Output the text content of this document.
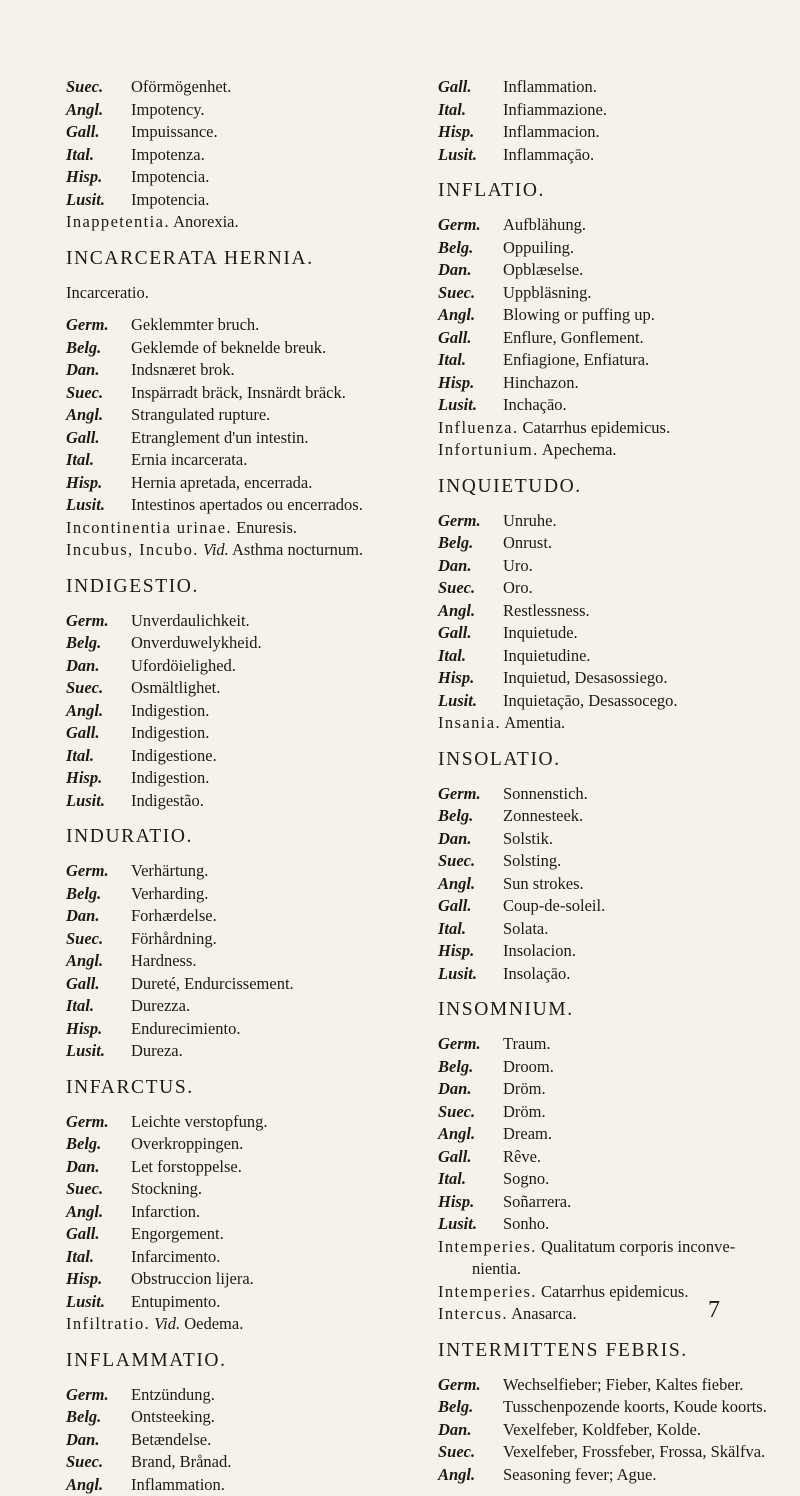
Suec.	Oförmögenhet.
Angl.	Impotency.
Gall.	Impuissance.
Ital.	Impotenza.
Hisp.	Impotencia.
Lusit.	Impotencia.
Inappetentia. Anorexia.
INCARCERATA HERNIA.
Incarceratio.
Germ.	Geklemmter bruch.
Belg.	Geklemde of beknelde breuk.
Dan.	Indsnæret brok.
Suec.	Inspärradt bräck, Insnärdt bräck.
Angl.	Strangulated rupture.
Gall.	Etranglement d'un intestin.
Ital.	Ernia incarcerata.
Hisp.	Hernia apretada, encerrada.
Lusit.	Intestinos apertados ou encerrados.
Incontinentia urinae. Enuresis.
Incubus, Incubo. Vid. Asthma nocturnum.
INDIGESTIO.
Germ.	Unverdaulichkeit.
Belg.	Onverduwelykheid.
Dan.	Ufordöielighed.
Suec.	Osmältlighet.
Angl.	Indigestion.
Gall.	Indigestion.
Ital.	Indigestione.
Hisp.	Indigestion.
Lusit.	Indigestão.
INDURATIO.
Germ.	Verhärtung.
Belg.	Verharding.
Dan.	Forhærdelse.
Suec.	Förhårdning.
Angl.	Hardness.
Gall.	Dureté, Endurcissement.
Ital.	Durezza.
Hisp.	Endurecimiento.
Lusit.	Dureza.
INFARCTUS.
Germ.	Leichte verstopfung.
Belg.	Overkroppingen.
Dan.	Let forstoppelse.
Suec.	Stockning.
Angl.	Infarction.
Gall.	Engorgement.
Ital.	Infarcimento.
Hisp.	Obstruccion lijera.
Lusit.	Entupimento.
Infiltratio. Vid. Oedema.
INFLAMMATIO.
Germ.	Entzündung.
Belg.	Ontsteeking.
Dan.	Betændelse.
Suec.	Brand, Brånad.
Angl.	Inflammation.
Gall.	Inflammation.
Ital.	Infiammazione.
Hisp.	Inflammacion.
Lusit.	Inflammaçāo.
INFLATIO.
Germ.	Aufblähung.
Belg.	Oppuiling.
Dan.	Opblæselse.
Suec.	Uppbläsning.
Angl.	Blowing or puffing up.
Gall.	Enflure, Gonflement.
Ital.	Enfiagione, Enfiatura.
Hisp.	Hinchazon.
Lusit.	Inchaçāo.
Influenza. Catarrhus epidemicus.
Infortunium. Apechema.
INQUIETUDO.
Germ.	Unruhe.
Belg.	Onrust.
Dan.	Uro.
Suec.	Oro.
Angl.	Restlessness.
Gall.	Inquietude.
Ital.	Inquietudine.
Hisp.	Inquietud, Desasossiego.
Lusit.	Inquietaçāo, Desassocego.
Insania. Amentia.
INSOLATIO.
Germ.	Sonnenstich.
Belg.	Zonnesteek.
Dan.	Solstik.
Suec.	Solsting.
Angl.	Sun strokes.
Gall.	Coup-de-soleil.
Ital.	Solata.
Hisp.	Insolacion.
Lusit.	Insolaçāo.
INSOMNIUM.
Germ.	Traum.
Belg.	Droom.
Dan.	Dröm.
Suec.	Dröm.
Angl.	Dream.
Gall.	Rêve.
Ital.	Sogno.
Hisp.	Soñarrera.
Lusit.	Sonho.
Intemperies. Qualitatum corporis inconve-
nientia.
Intemperies. Catarrhus epidemicus.
Intercus. Anasarca.
INTERMITTENS FEBRIS.
Germ.	Wechselfieber; Fieber, Kaltes fieber.
Belg.	Tusschenpozende koorts, Koude koorts.
Dan.	Vexelfeber, Koldfeber, Kolde.
Suec.	Vexelfeber, Frossfeber, Frossa, Skälfva.
Angl.	Seasoning fever; Ague.
7
